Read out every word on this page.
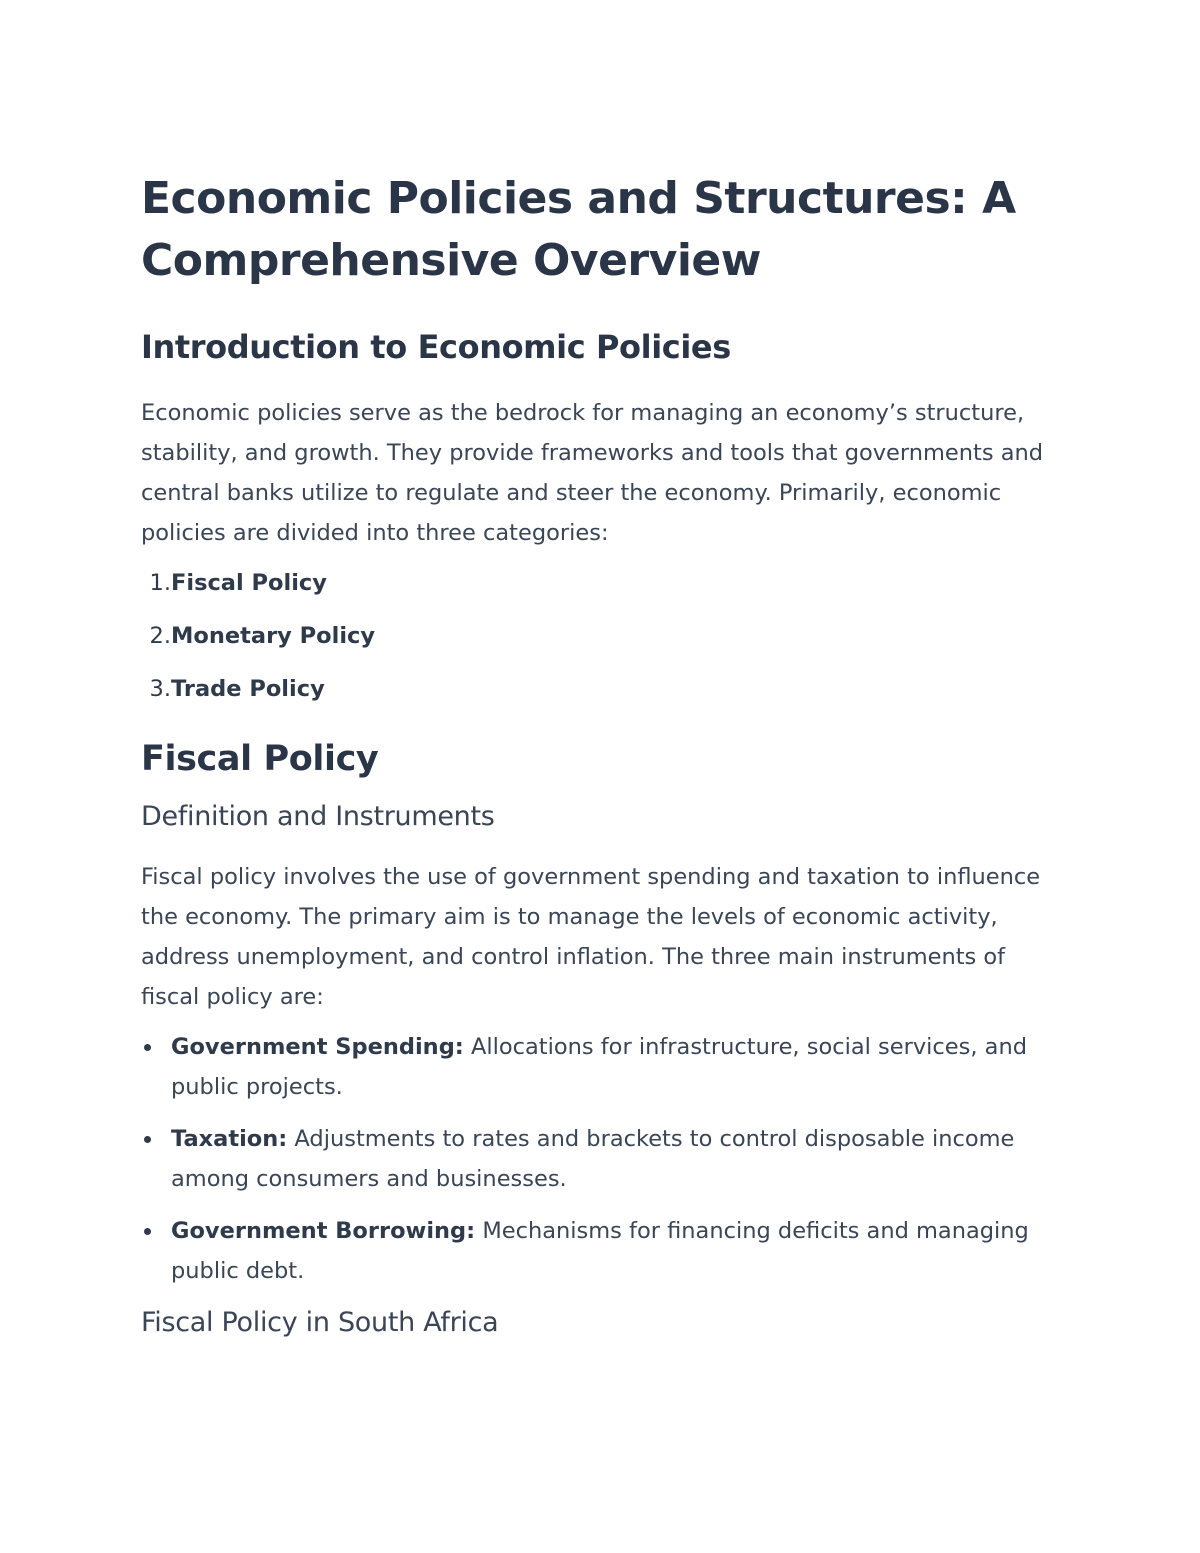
Economic Policies and Structures: A Comprehensive Overview
Introduction to Economic Policies

Economic policies serve as the bedrock for managing an economy’s structure, stability, and growth. They provide frameworks and tools that governments and central banks utilize to regulate and steer the economy. Primarily, economic policies are divided into three categories:

1. Fiscal Policy
2. Monetary Policy
3. Trade Policy
Fiscal Policy
Definition and Instruments

Fiscal policy involves the use of government spending and taxation to influence the economy. The primary aim is to manage the levels of economic activity, address unemployment, and control inflation. The three main instruments of fiscal policy are:

Government Spending: Allocations for infrastructure, social services, and public projects.
Taxation: Adjustments to rates and brackets to control disposable income among consumers and businesses.
Government Borrowing: Mechanisms for financing deficits and managing public debt.
Fiscal Policy in South Africa
